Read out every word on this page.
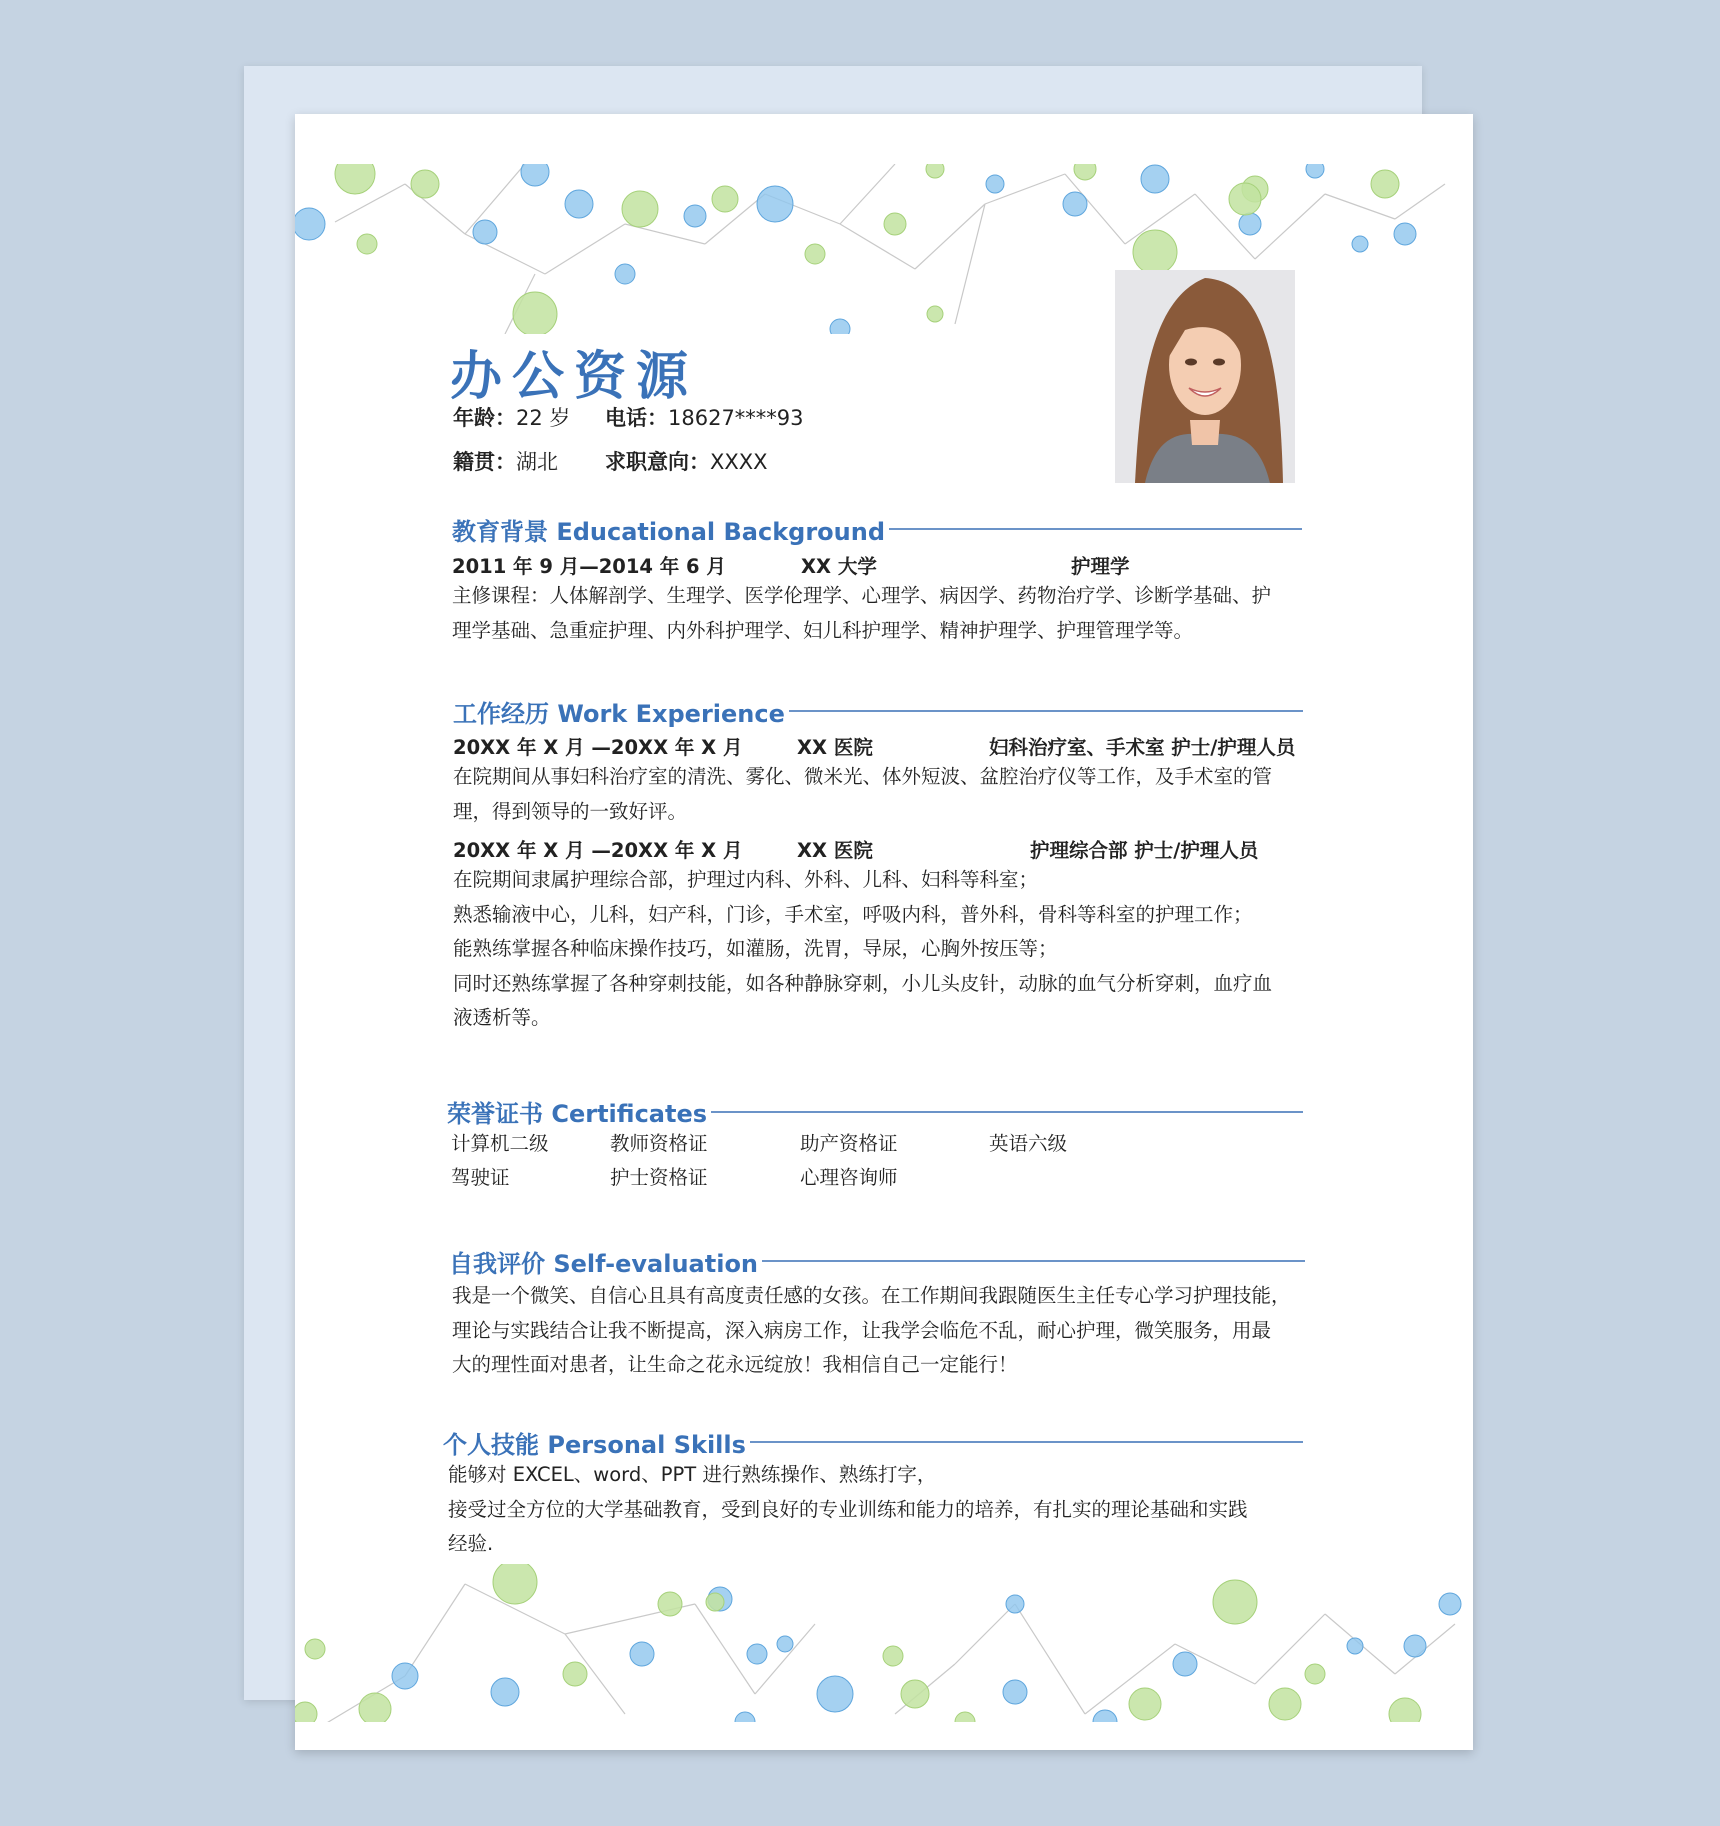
办公资源
年龄：22 岁 电话：18627****93
籍贯：湖北 求职意向：XXXX
教育背景 Educational Background
2011 年 9 月—2014 年 6 月	XX 大学	护理学
主修课程：人体解剖学、生理学、医学伦理学、心理学、病因学、药物治疗学、诊断学基础、护
理学基础、急重症护理、内外科护理学、妇儿科护理学、精神护理学、护理管理学等。
工作经历 Work Experience
20XX 年 X 月 —20XX 年 X 月	XX 医院	妇科治疗室、手术室 护士/护理人员
在院期间从事妇科治疗室的清洗、雾化、微米光、体外短波、盆腔治疗仪等工作，及手术室的管
理，得到领导的一致好评。
20XX 年 X 月 —20XX 年 X 月	XX 医院	护理综合部 护士/护理人员
在院期间隶属护理综合部，护理过内科、外科、儿科、妇科等科室；
熟悉输液中心，儿科，妇产科，门诊，手术室，呼吸内科，普外科，骨科等科室的护理工作；
能熟练掌握各种临床操作技巧，如灌肠，洗胃，导尿，心胸外按压等；
同时还熟练掌握了各种穿刺技能，如各种静脉穿刺，小儿头皮针，动脉的血气分析穿刺，血疗血
液透析等。
荣誉证书 Certificates
计算机二级	教师资格证	助产资格证	英语六级
驾驶证	护士资格证	心理咨询师
自我评价 Self-evaluation
我是一个微笑、自信心且具有高度责任感的女孩。在工作期间我跟随医生主任专心学习护理技能，
理论与实践结合让我不断提高，深入病房工作，让我学会临危不乱，耐心护理，微笑服务，用最
大的理性面对患者，让生命之花永远绽放！我相信自己一定能行！
个人技能 Personal Skills
能够对 EXCEL、word、PPT 进行熟练操作、熟练打字，
接受过全方位的大学基础教育，受到良好的专业训练和能力的培养，有扎实的理论基础和实践
经验.
